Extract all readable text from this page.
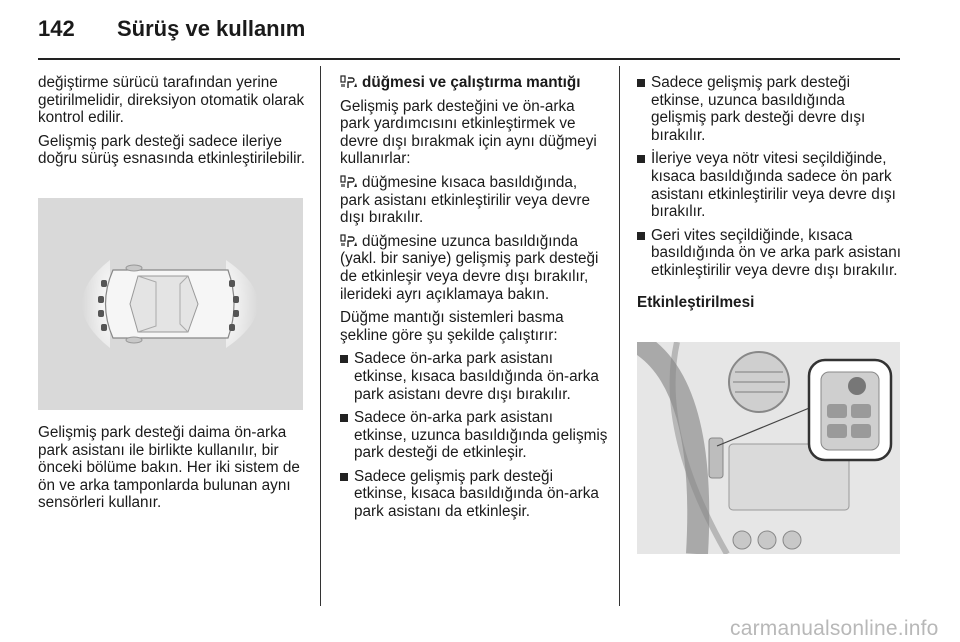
142 Sürüş ve kullanım

değiştirme sürücü tarafından yerine getirilmelidir, direksiyon otomatik olarak kontrol edilir.

Gelişmiş park desteği sadece ileriye doğru sürüş esnasında etkinleştirilebilir.

Gelişmiş park desteği daima ön-arka park asistanı ile birlikte kullanılır, bir önceki bölüme bakın. Her iki sistem de ön ve arka tamponlarda bulunan aynı sensörleri kullanır.

düğmesi ve çalıştırma mantığı

Gelişmiş park desteğini ve ön-arka park yardımcısını etkinleştirmek ve devre dışı bırakmak için aynı düğmeyi kullanırlar:

düğmesine kısaca basıldığında, park asistanı etkinleştirilir veya devre dışı bırakılır.

düğmesine uzunca basıldığında (yakl. bir saniye) gelişmiş park desteği de etkinleşir veya devre dışı bırakılır, ilerideki ayrı açıklamaya bakın.

Düğme mantığı sistemleri basma şekline göre şu şekilde çalıştırır:

Sadece ön-arka park asistanı etkinse, kısaca basıldığında ön-arka park asistanı devre dışı bırakılır.
Sadece ön-arka park asistanı etkinse, uzunca basıldığında gelişmiş park desteği de etkinleşir.
Sadece gelişmiş park desteği etkinse, kısaca basıldığında ön-arka park asistanı da etkinleşir.
Sadece gelişmiş park desteği etkinse, uzunca basıldığında gelişmiş park desteği devre dışı bırakılır.
İleriye veya nötr vitesi seçildiğinde, kısaca basıldığında sadece ön park asistanı etkinleştirilir veya devre dışı bırakılır.
Geri vites seçildiğinde, kısaca basıldığında ön ve arka park asistanı etkinleştirilir veya devre dışı bırakılır.

Etkinleştirilmesi

carmanualsonline.info
